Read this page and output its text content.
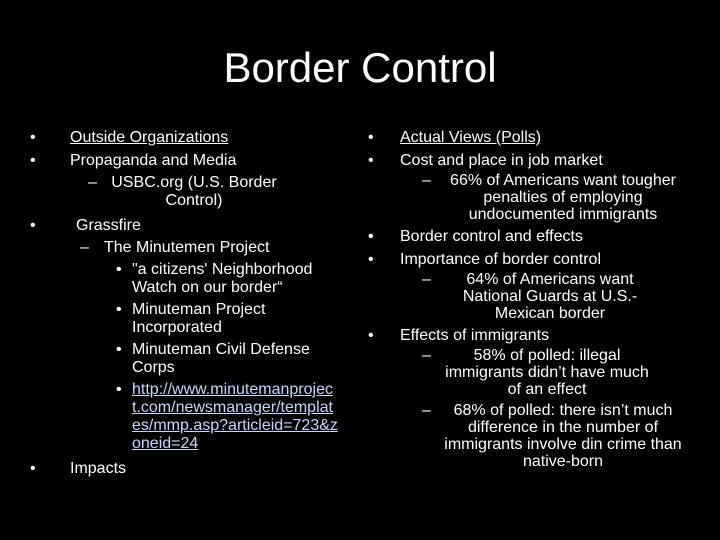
Border Control
• Outside Organizations
• Propaganda and Media
– USBC.org (U.S. Border Control)
•	Grassfire
– The Minutemen Project
• "a citizens' Neighborhood Watch on our border“
• Minuteman Project Incorporated
• Minuteman Civil Defense Corps
• http://www.minutemanproject.com/newsmanager/templates/mmp.asp?articleid=723&zoneid=24
• Impacts
• Actual Views (Polls)
• Cost and place in job market
–	66% of Americans want tougher penalties of employing undocumented immigrants
• Border control and effects
• Importance of border control
–	64% of Americans want National Guards at U.S.-Mexican border
• Effects of immigrants
–	58% of polled: illegal immigrants didn’t have much of an effect
–	68% of polled: there isn’t much difference in the number of immigrants involve din crime than native-born
